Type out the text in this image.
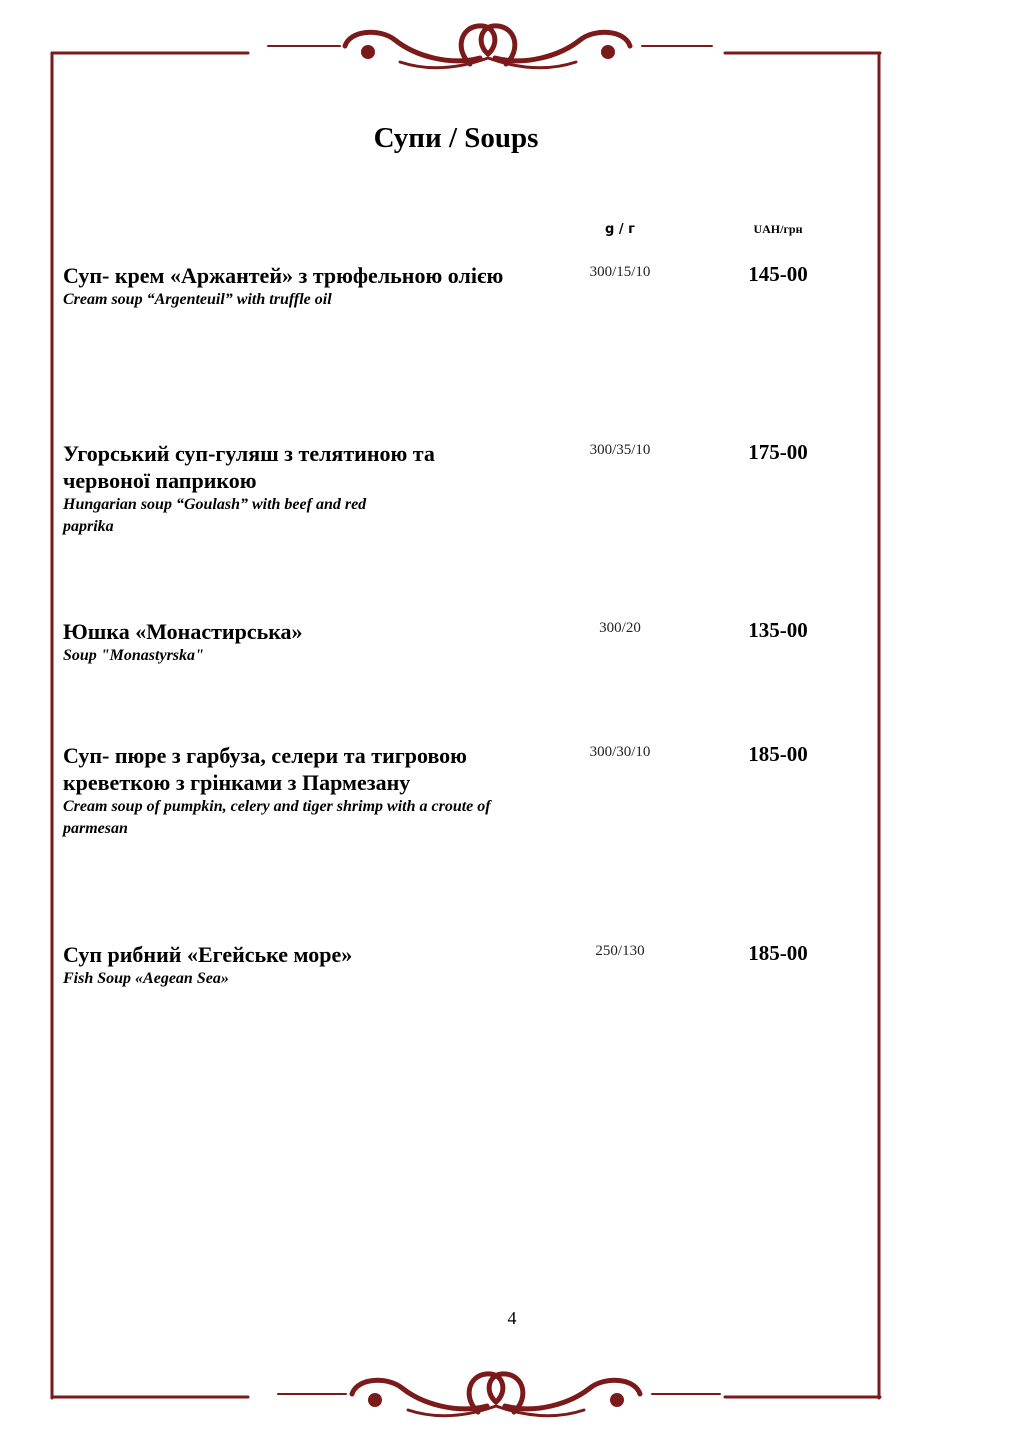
Супи / Soups
g / г	UAH/грн
Суп- крем «Аржантей» з трюфельною олією
Cream soup “Argenteuil” with truffle oil
300/15/10	145-00
Угорський суп-гуляш з телятиною та червоної паприкою
Hungarian soup “Goulash” with beef and red paprika
300/35/10	175-00
Юшка «Монастирська»
Soup "Monastyrska"
300/20	135-00
Суп- пюре з гарбуза, селери та тигровою креветкою з грінками з Пармезану
Cream soup of pumpkin, celery and tiger shrimp with a croute of parmesan
300/30/10	185-00
Суп рибний «Егейське море»
Fish Soup «Aegean Sea»
250/130	185-00
4
